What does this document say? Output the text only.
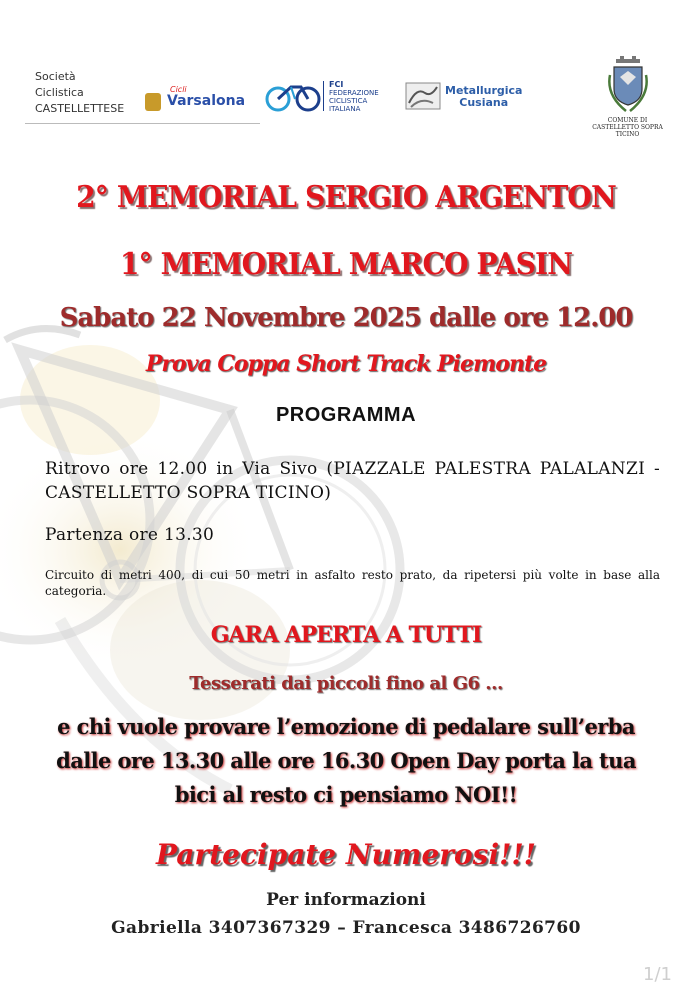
Società
Ciclistica
CASTELLETTESE
Cicli
Varsalona
FCI
FEDERAZIONE
CICLISTICA
ITALIANA
Metallurgica
Cusiana
COMUNE DI
CASTELLETTO SOPRA TICINO
2° MEMORIAL SERGIO ARGENTON
1° MEMORIAL MARCO PASIN
Sabato 22 Novembre 2025 dalle ore 12.00
Prova Coppa Short Track Piemonte
PROGRAMMA
Ritrovo ore 12.00 in Via Sivo (PIAZZALE PALESTRA PALALANZI - CASTELLETTO SOPRA TICINO)
Partenza ore 13.30
Circuito di metri 400, di cui 50 metri in asfalto resto prato, da ripetersi più volte in base alla categoria.
GARA APERTA A TUTTI
Tesserati dai piccoli fino al G6 …
e chi vuole provare l’emozione di pedalare sull’erba dalle ore 13.30 alle ore 16.30 Open Day porta la tua bici al resto ci pensiamo NOI!!
Partecipate Numerosi!!!
Per informazioni
Gabriella 3407367329 – Francesca 3486726760
1/1
